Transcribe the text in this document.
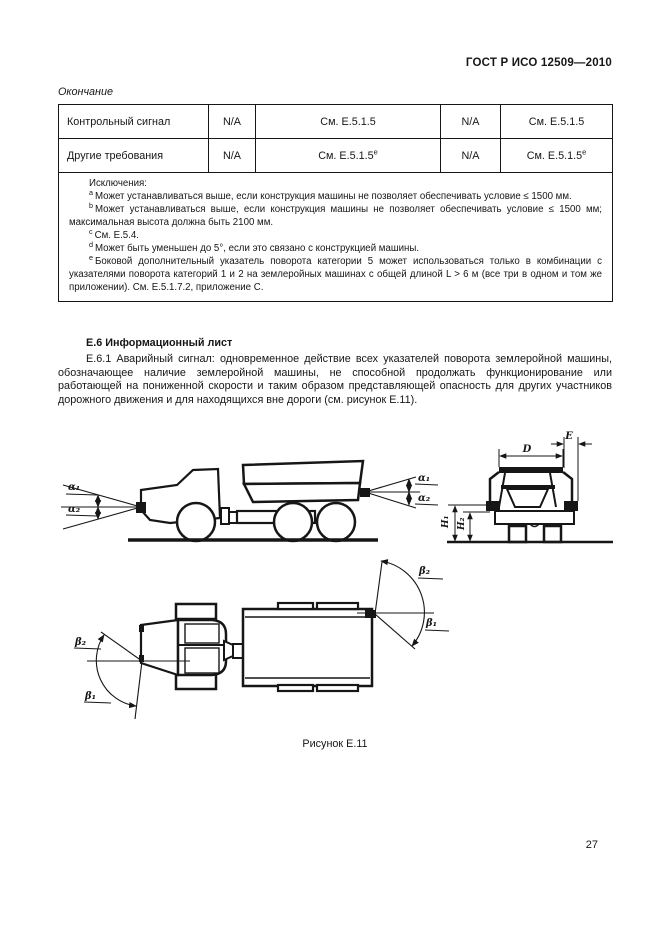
ГОСТ Р ИСО 12509—2010
Окончание
Контрольный сигнал	N/A	См. Е.5.1.5	N/A	См. Е.5.1.5
Другие требования	N/A	См. $Е.5.1.5^е$	N/A	См. $Е.5.1.5^е$

Исключения:

$^a$ Может устанавливаться выше, если конструкция машины не позволяет обеспечивать условие ≤ 1500 мм.

$^b$ Может устанавливаться выше, если конструкция машины не позволяет обеспечивать условие ≤ 1500 мм; максимальная высота должна быть 2100 мм.

$^c$ См. Е.5.4.

$^d$ Может быть уменьшен до 5°, если это связано с конструкцией машины.

$^e$ Боковой дополнительный указатель поворота категории 5 может использоваться только в комбинации с указателями поворота категорий 1 и 2 на землеройных машинах с общей длиной L > 6 м (все три в одном и том же приложении). См. Е.5.1.7.2, приложение С.

Е.6 Информационный лист
Е.6.1 Аварийный сигнал: одновременное действие всех указателей поворота землеройной машины, обозначающее наличие землеройной машины, не способной продолжать функционирование или работающей на пониженной скорости и таким образом представляющей опасность для других участников дорожного движения и для находящихся вне дороги (см. рисунок Е.11).
α₁
α₂
α₁
α₂
H₁ H₂
D
E
β₂
β₁
β₂
β₁
Рисунок Е.11
27
